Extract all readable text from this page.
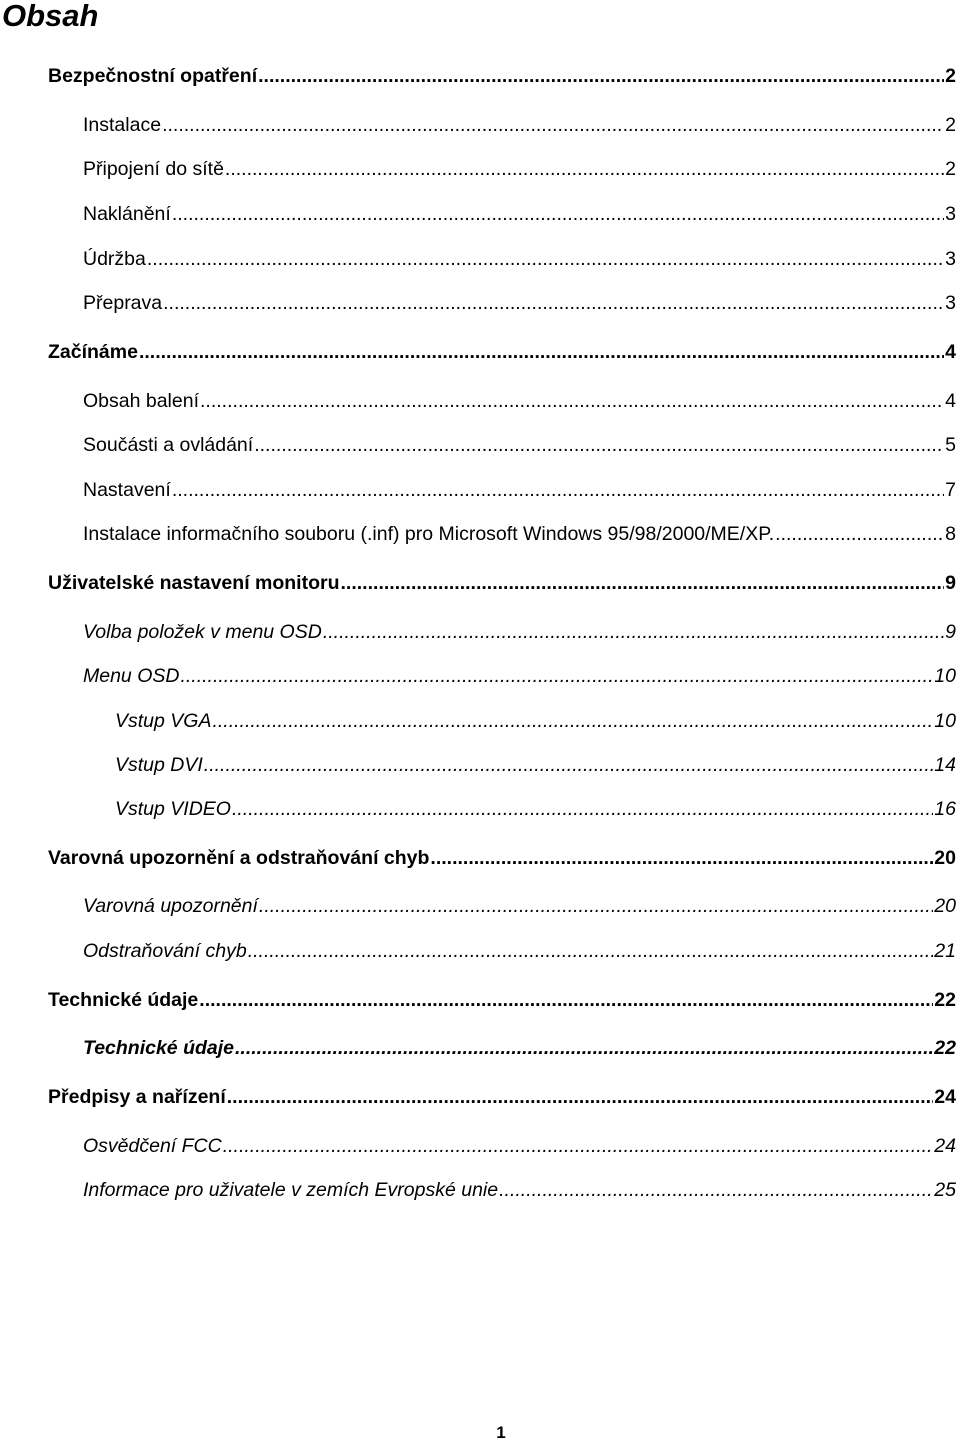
Obsah
Bezpečnostní opatření .....	2
Instalace .....	2
Připojení do sítě .....	2
Naklánění .....	3
Údržba .....	3
Přeprava .....	3
Začínáme .....	4
Obsah balení .....	4
Součásti a ovládání .....	5
Nastavení .....	7
Instalace informačního souboru (.inf) pro Microsoft Windows 95/98/2000/ME/XP. .....	8
Uživatelské nastavení monitoru .....	9
Volba položek v menu OSD .....	9
Menu OSD .....	10
Vstup VGA .....	10
Vstup DVI .....	14
Vstup VIDEO .....	16
Varovná upozornění a odstraňování chyb .....	20
Varovná upozornění .....	20
Odstraňování chyb .....	21
Technické údaje .....	22
Technické údaje .....	22
Předpisy a nařízení .....	24
Osvědčení FCC .....	24
Informace pro uživatele v zemích Evropské unie .....	25
1
